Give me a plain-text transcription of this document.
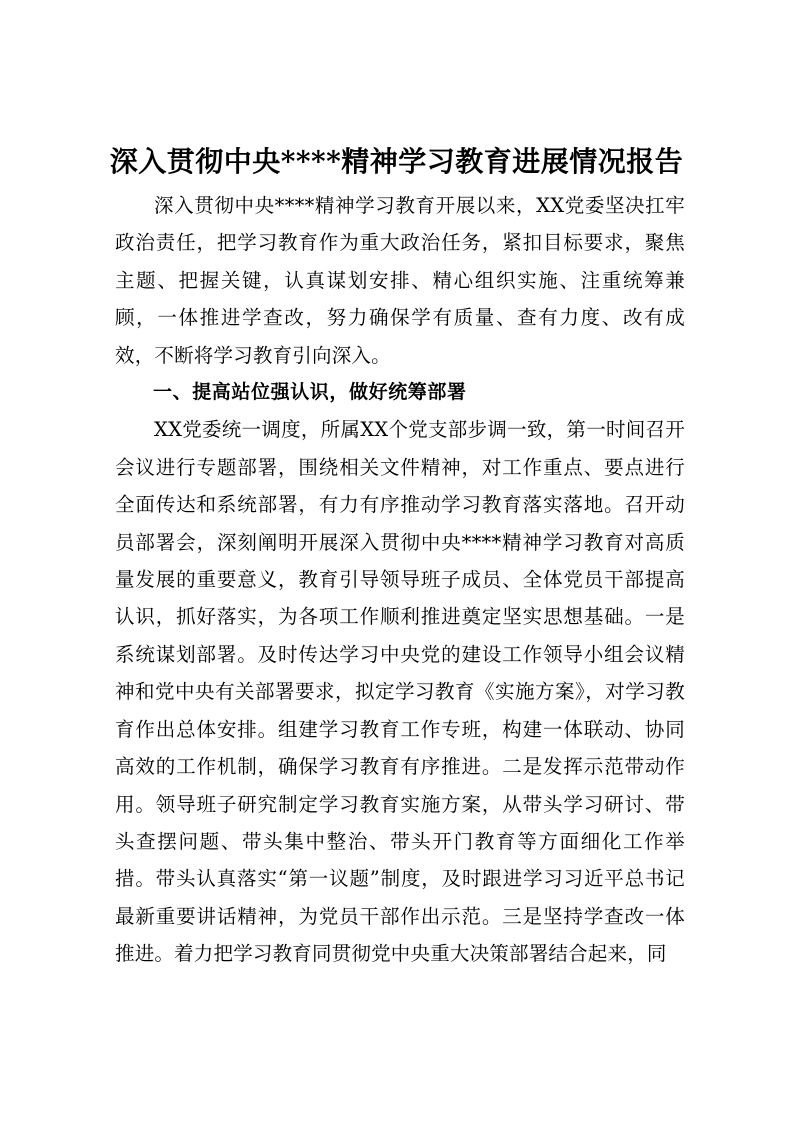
深入贯彻中央****精神学习教育进展情况报告

深入贯彻中央****精神学习教育开展以来，XX党委坚决扛牢政治责任，把学习教育作为重大政治任务，紧扣目标要求，聚焦主题、把握关键，认真谋划安排、精心组织实施、注重统筹兼顾，一体推进学查改，努力确保学有质量、查有力度、改有成效，不断将学习教育引向深入。

一、提高站位强认识，做好统筹部署

XX党委统一调度，所属XX个党支部步调一致，第一时间召开会议进行专题部署，围绕相关文件精神，对工作重点、要点进行全面传达和系统部署，有力有序推动学习教育落实落地。召开动员部署会，深刻阐明开展深入贯彻中央****精神学习教育对高质量发展的重要意义，教育引导领导班子成员、全体党员干部提高认识，抓好落实，为各项工作顺利推进奠定坚实思想基础。一是系统谋划部署。及时传达学习中央党的建设工作领导小组会议精神和党中央有关部署要求，拟定学习教育《实施方案》，对学习教育作出总体安排。组建学习教育工作专班，构建一体联动、协同高效的工作机制，确保学习教育有序推进。二是发挥示范带动作用。领导班子研究制定学习教育实施方案，从带头学习研讨、带头查摆问题、带头集中整治、带头开门教育等方面细化工作举措。带头认真落实“第一议题”制度，及时跟进学习习近平总书记最新重要讲话精神，为党员干部作出示范。三是坚持学查改一体推进。着力把学习教育同贯彻党中央重大决策部署结合起来，同
